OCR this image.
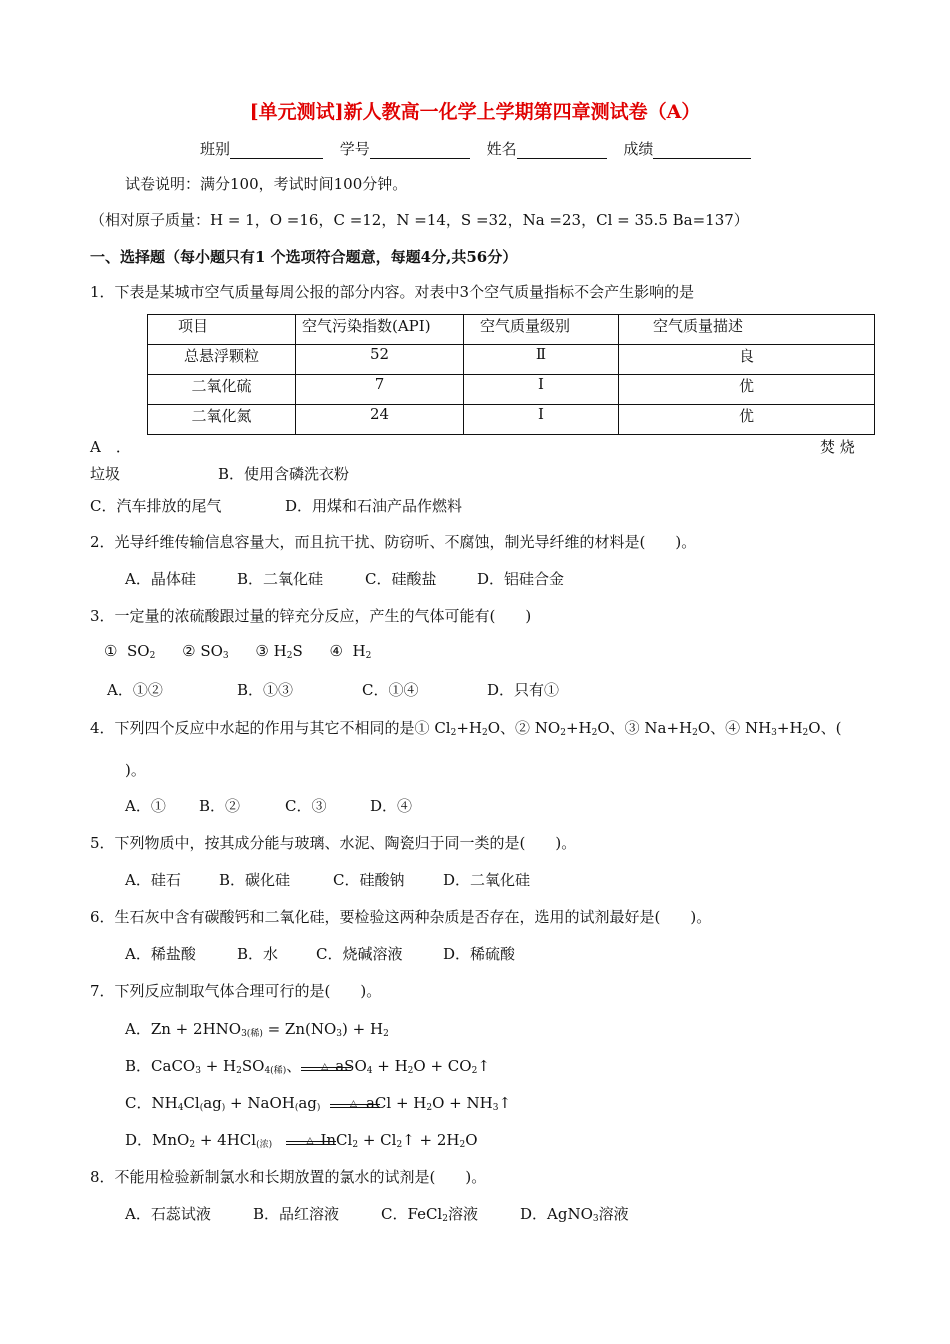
[单元测试]新人教高一化学上学期第四章测试卷（A）
班别	学号	姓名	成绩
试卷说明：满分100，考试时间100分钟。
（相对原子质量：H = 1，O =16，C =12，N =14，S =32，Na =23，Cl = 35.5 Ba=137）
一、选择题（每小题只有1 个选项符合题意，每题4分,共56分）
1．下表是某城市空气质量每周公报的部分内容。对表中3个空气质量指标不会产生影响的是
项目	空气污染指数(API)	空气质量级别	空气质量描述
总悬浮颗粒	52	Ⅱ	良
二氧化硫	7	I	优
二氧化氮	24	I	优
A　．	焚 烧
垃圾	B．使用含磷洗衣粉
C．汽车排放的尾气	D．用煤和石油产品作燃料
2．光导纤维传输信息容量大，而且抗干扰、防窃听、不腐蚀，制光导纤维的材料是(　　)。
A．晶体硅	B．二氧化硅	C．硅酸盐	D．铝硅合金
3．一定量的浓硫酸跟过量的锌充分反应，产生的气体可能有(　　)
① $SO_2$ ② $SO_3$ ③ $H_2S$ ④ $H_2$
A．①②	B．①③	C．①④	D．只有①
4．下列四个反应中水起的作用与其它不相同的是① $Cl_2+H_2O$、② $NO_2+H_2O$、③ $Na+H_2O$、④ $NH_3+H_2O$、(
)。
A．① B．②	C．③	D．④
5．下列物质中，按其成分能与玻璃、水泥、陶瓷归于同一类的是(　　)。
A．硅石	B．碳化硅	C．硅酸钠	D．二氧化硅
6．生石灰中含有碳酸钙和二氧化硅，要检验这两种杂质是否存在，选用的试剂最好是(　　)。
A．稀盐酸	B．水	C．烧碱溶液	D．稀硫酸
7．下列反应制取气体合理可行的是(　　)。
A．$Zn + 2HNO_{3(稀)} = Zn(NO_3) + H_2$
B．CaCO$_3$ + $H_2SO_{4(稀)}$、 △ $aSO_4 + H_2O$ + $CO_2↑$
C．$NH_4Cl_(ag_)$ + $NaOH_(ag_)$	△ aCl + $H_2O$ + $NH_3↑$
D．MnO$_2$ + 4HCl$_{(浓)}$	△ InCl$_2$ + $Cl_2↑ + 2H_2O$
8．不能用检验新制氯水和长期放置的氯水的试剂是(　　)。
A．石蕊试液	B．品红溶液	C．FeCl$_2$溶液	D．AgNO$_3$溶液
